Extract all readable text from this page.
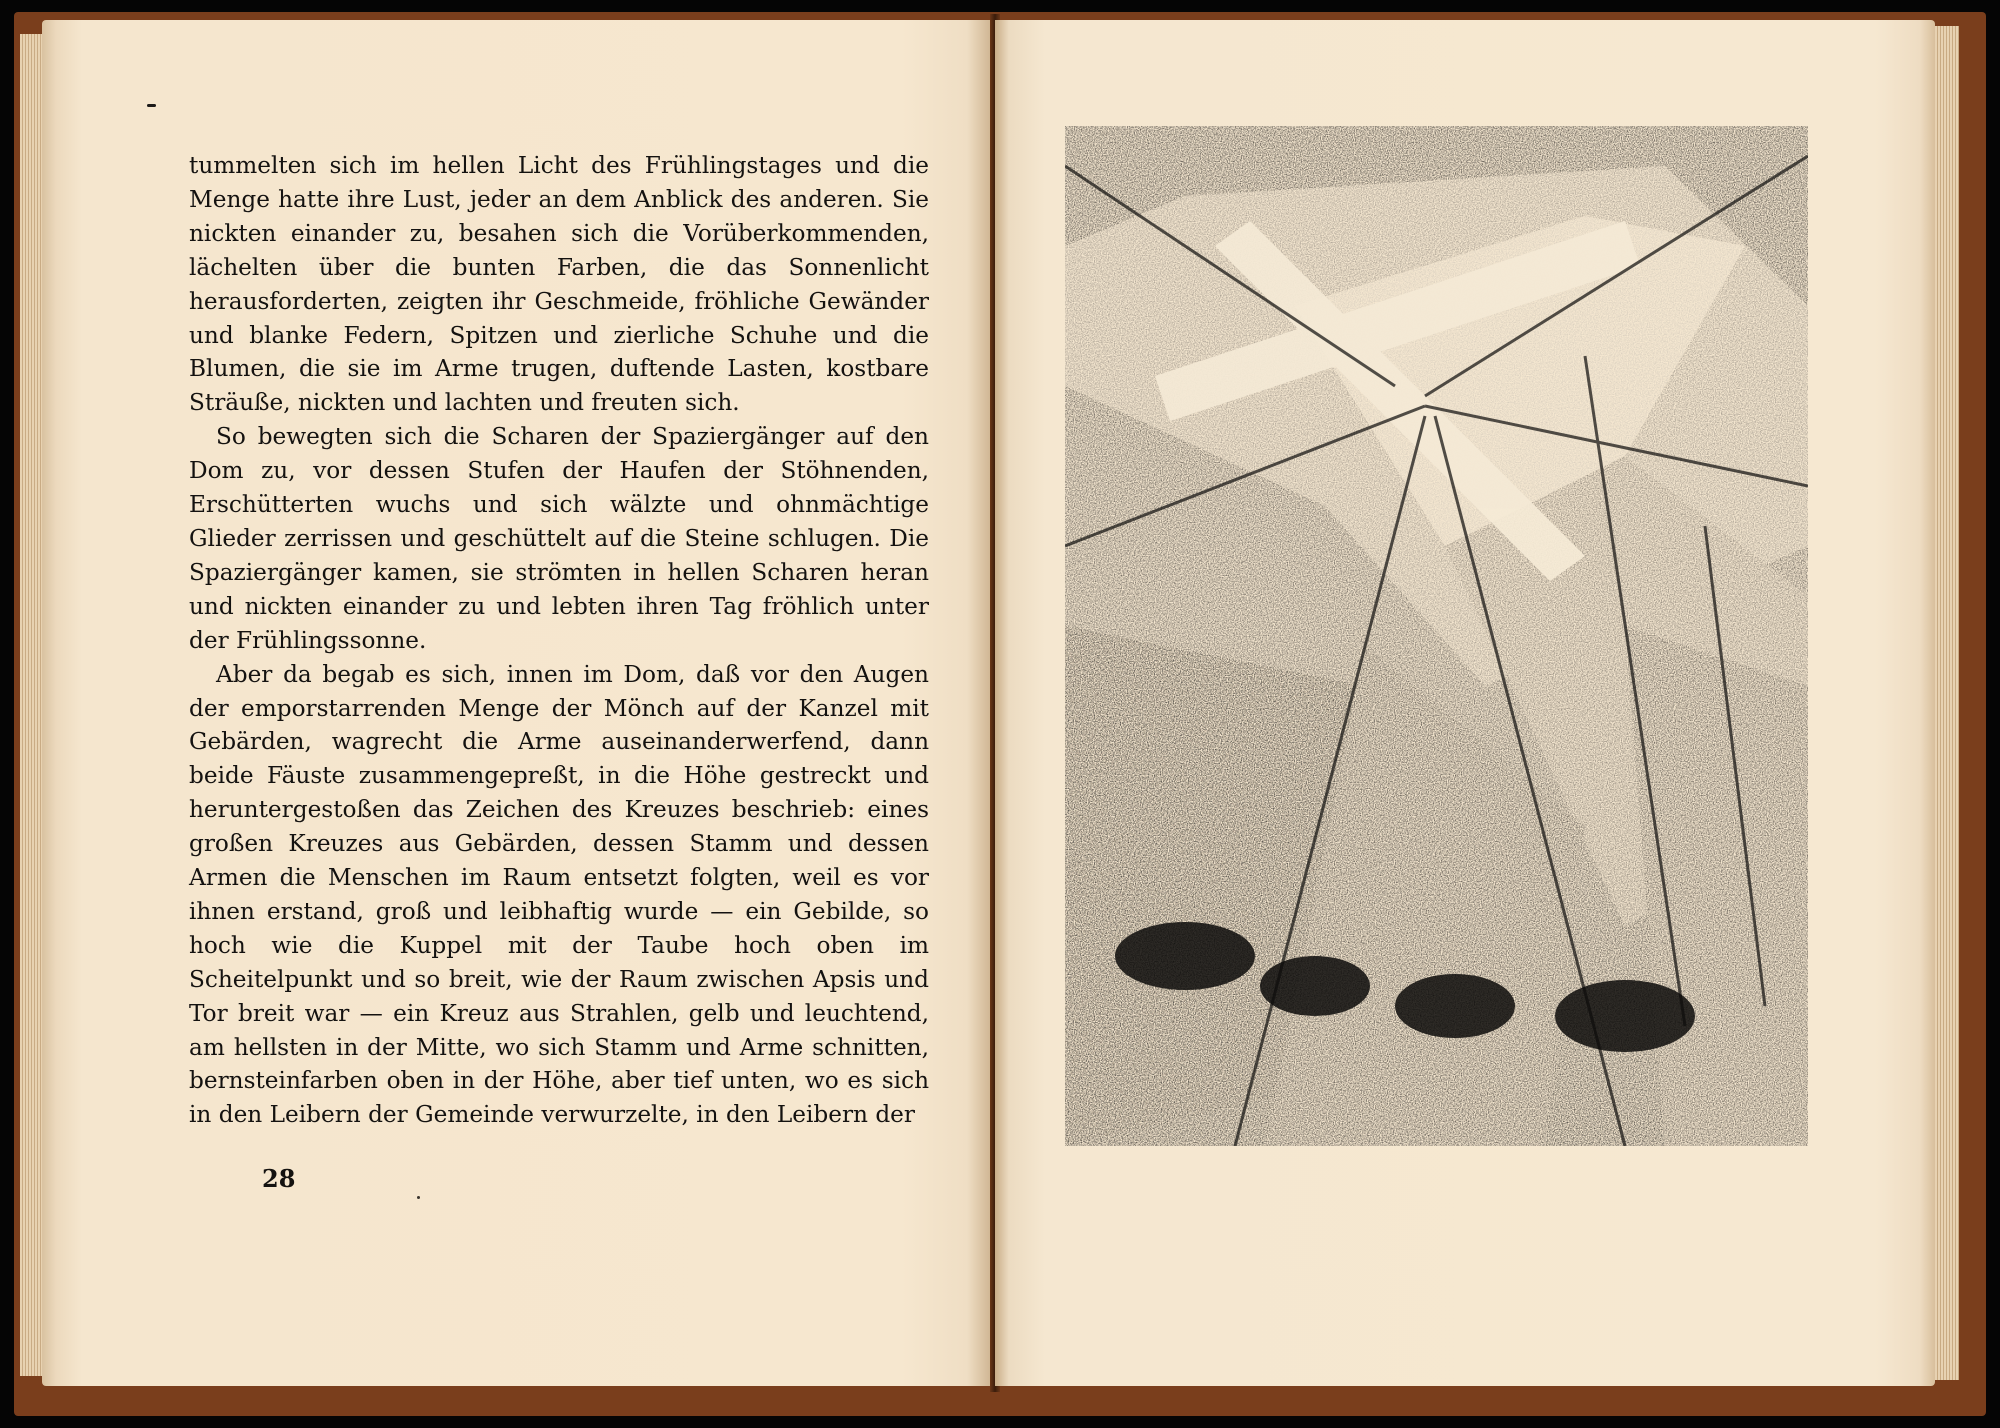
tummelten sich im hellen Licht des Frühlingstages und die Menge hatte ihre Lust, jeder an dem Anblick des anderen. Sie nickten einander zu, besahen sich die Vorüberkommenden, lächelten über die bunten Farben, die das Sonnenlicht herausforderten, zeigten ihr Geschmeide, fröhliche Gewänder und blanke Federn, Spitzen und zierliche Schuhe und die Blumen, die sie im Arme trugen, duftende Lasten, kostbare Sträuße, nickten und lachten und freuten sich.

So bewegten sich die Scharen der Spaziergänger auf den Dom zu, vor dessen Stufen der Haufen der Stöhnenden, Erschütterten wuchs und sich wälzte und ohnmächtige Glieder zerrissen und geschüttelt auf die Steine schlugen. Die Spaziergänger kamen, sie strömten in hellen Scharen heran und nickten einander zu und lebten ihren Tag fröhlich unter der Frühlingssonne.

Aber da begab es sich, innen im Dom, daß vor den Augen der emporstarrenden Menge der Mönch auf der Kanzel mit Gebärden, wagrecht die Arme auseinanderwerfend, dann beide Fäuste zusammengepreßt, in die Höhe gestreckt und heruntergestoßen das Zeichen des Kreuzes beschrieb: eines großen Kreuzes aus Gebärden, dessen Stamm und dessen Armen die Menschen im Raum entsetzt folgten, weil es vor ihnen erstand, groß und leibhaftig wurde — ein Gebilde, so hoch wie die Kuppel mit der Taube hoch oben im Scheitelpunkt und so breit, wie der Raum zwischen Apsis und Tor breit war — ein Kreuz aus Strahlen, gelb und leuchtend, am hellsten in der Mitte, wo sich Stamm und Arme schnitten, bernsteinfarben oben in der Höhe, aber tief unten, wo es sich in den Leibern der Gemeinde verwurzelte, in den Leibern der

28
